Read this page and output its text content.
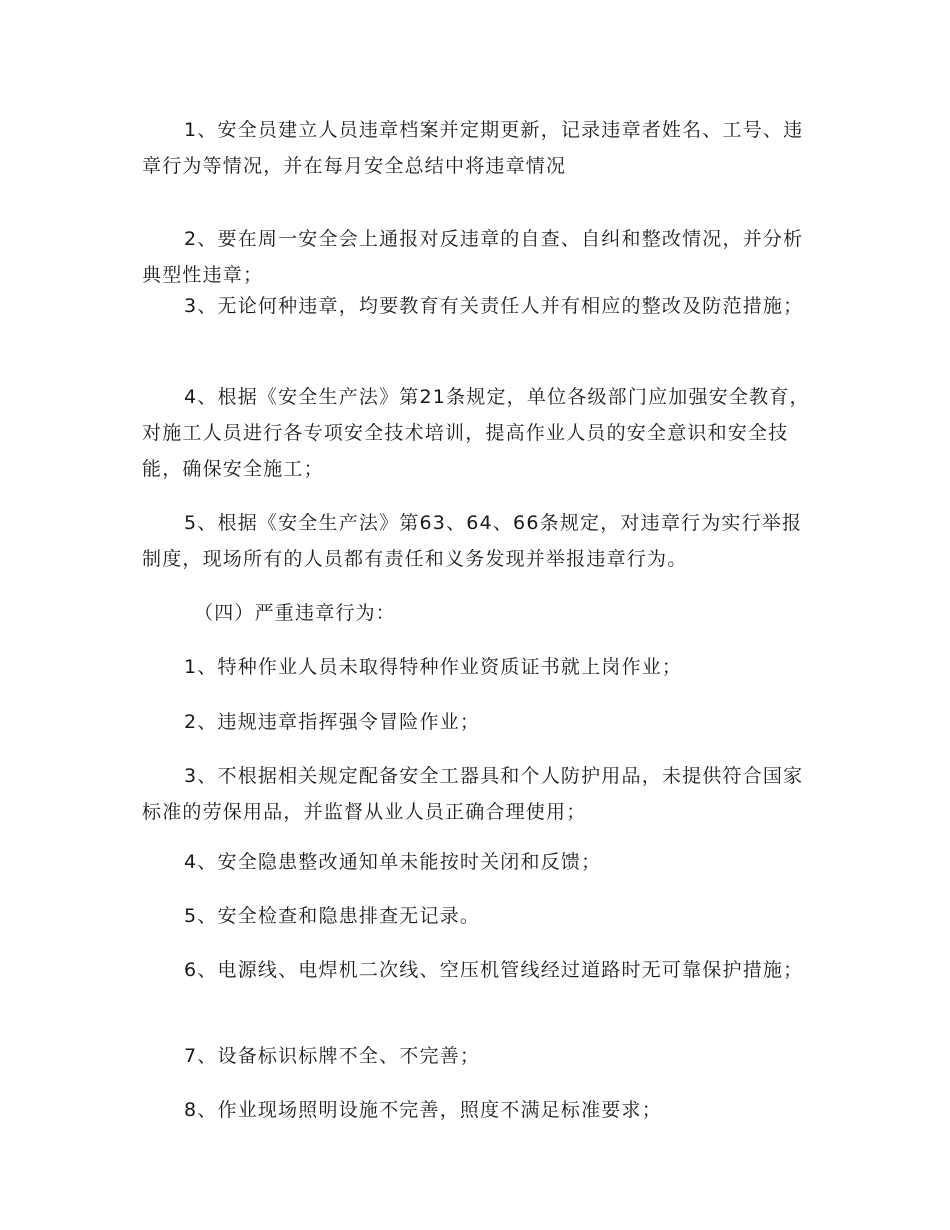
1、安全员建立人员违章档案并定期更新，记录违章者姓名、工号、违章行为等情况，并在每月安全总结中将违章情况

2、要在周一安全会上通报对反违章的自查、自纠和整改情况，并分析典型性违章；

3、无论何种违章，均要教育有关责任人并有相应的整改及防范措施；

4、根据《安全生产法》第21条规定，单位各级部门应加强安全教育，对施工人员进行各专项安全技术培训，提高作业人员的安全意识和安全技能，确保安全施工；

5、根据《安全生产法》第63、64、66条规定，对违章行为实行举报制度，现场所有的人员都有责任和义务发现并举报违章行为。

（四）严重违章行为：

1、特种作业人员未取得特种作业资质证书就上岗作业；

2、违规违章指挥强令冒险作业；

3、不根据相关规定配备安全工器具和个人防护用品，未提供符合国家标准的劳保用品，并监督从业人员正确合理使用；

4、安全隐患整改通知单未能按时关闭和反馈；

5、安全检查和隐患排查无记录。

6、电源线、电焊机二次线、空压机管线经过道路时无可靠保护措施；

7、设备标识标牌不全、不完善；

8、作业现场照明设施不完善，照度不满足标准要求；
